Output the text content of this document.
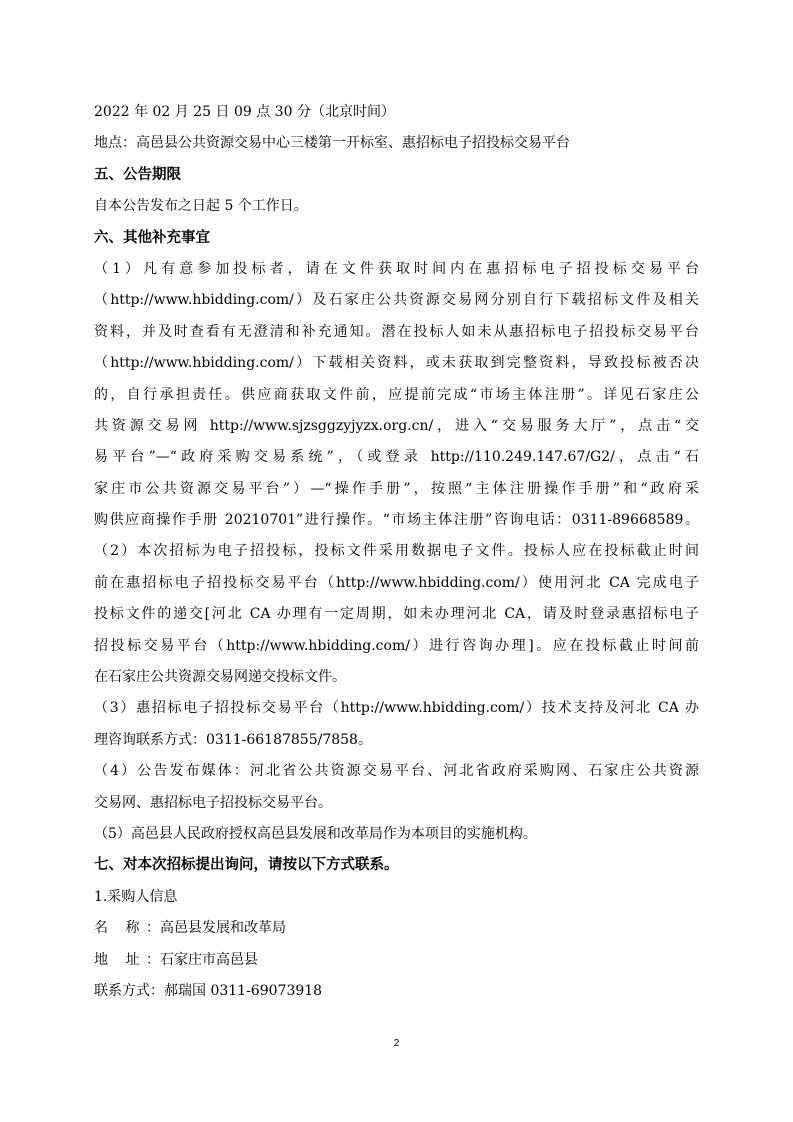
2022 年 02 月 25 日 09 点 30 分（北京时间）
地点：高邑县公共资源交易中心三楼第一开标室、惠招标电子招投标交易平台
五、公告期限
自本公告发布之日起 5 个工作日。
六、其他补充事宜
（1）凡有意参加投标者，请在文件获取时间内在惠招标电子招投标交易平台
（http://www.hbidding.com/）及石家庄公共资源交易网分别自行下载招标文件及相关
资料，并及时查看有无澄清和补充通知。潜在投标人如未从惠招标电子招投标交易平台
（http://www.hbidding.com/）下载相关资料，或未获取到完整资料，导致投标被否决
的，自行承担责任。供应商获取文件前，应提前完成“市场主体注册”。详见石家庄公
共资源交易网 http://www.sjzsggzyjyzx.org.cn/，进入“交易服务大厅”，点击“交
易平台”—“政府采购交易系统”，（或登录 http://110.249.147.67/G2/，点击“石
家庄市公共资源交易平台”）—“操作手册”，按照“主体注册操作手册”和“政府采
购供应商操作手册 20210701”进行操作。“市场主体注册”咨询电话：0311-89668589。
（2）本次招标为电子招投标，投标文件采用数据电子文件。投标人应在投标截止时间
前在惠招标电子招投标交易平台（http://www.hbidding.com/）使用河北 CA 完成电子
投标文件的递交[河北 CA 办理有一定周期，如未办理河北 CA，请及时登录惠招标电子
招投标交易平台（http://www.hbidding.com/）进行咨询办理]。应在投标截止时间前
在石家庄公共资源交易网递交投标文件。
（3）惠招标电子招投标交易平台（http://www.hbidding.com/）技术支持及河北 CA 办
理咨询联系方式：0311-66187855/7858。
（4）公告发布媒体：河北省公共资源交易平台、河北省政府采购网、石家庄公共资源
交易网、惠招标电子招投标交易平台。
（5）高邑县人民政府授权高邑县发展和改革局作为本项目的实施机构。
七、对本次招标提出询问，请按以下方式联系。
1.采购人信息
名 称：高邑县发展和改革局
地 址：石家庄市高邑县
联系方式：郝瑞国 0311-69073918
2
